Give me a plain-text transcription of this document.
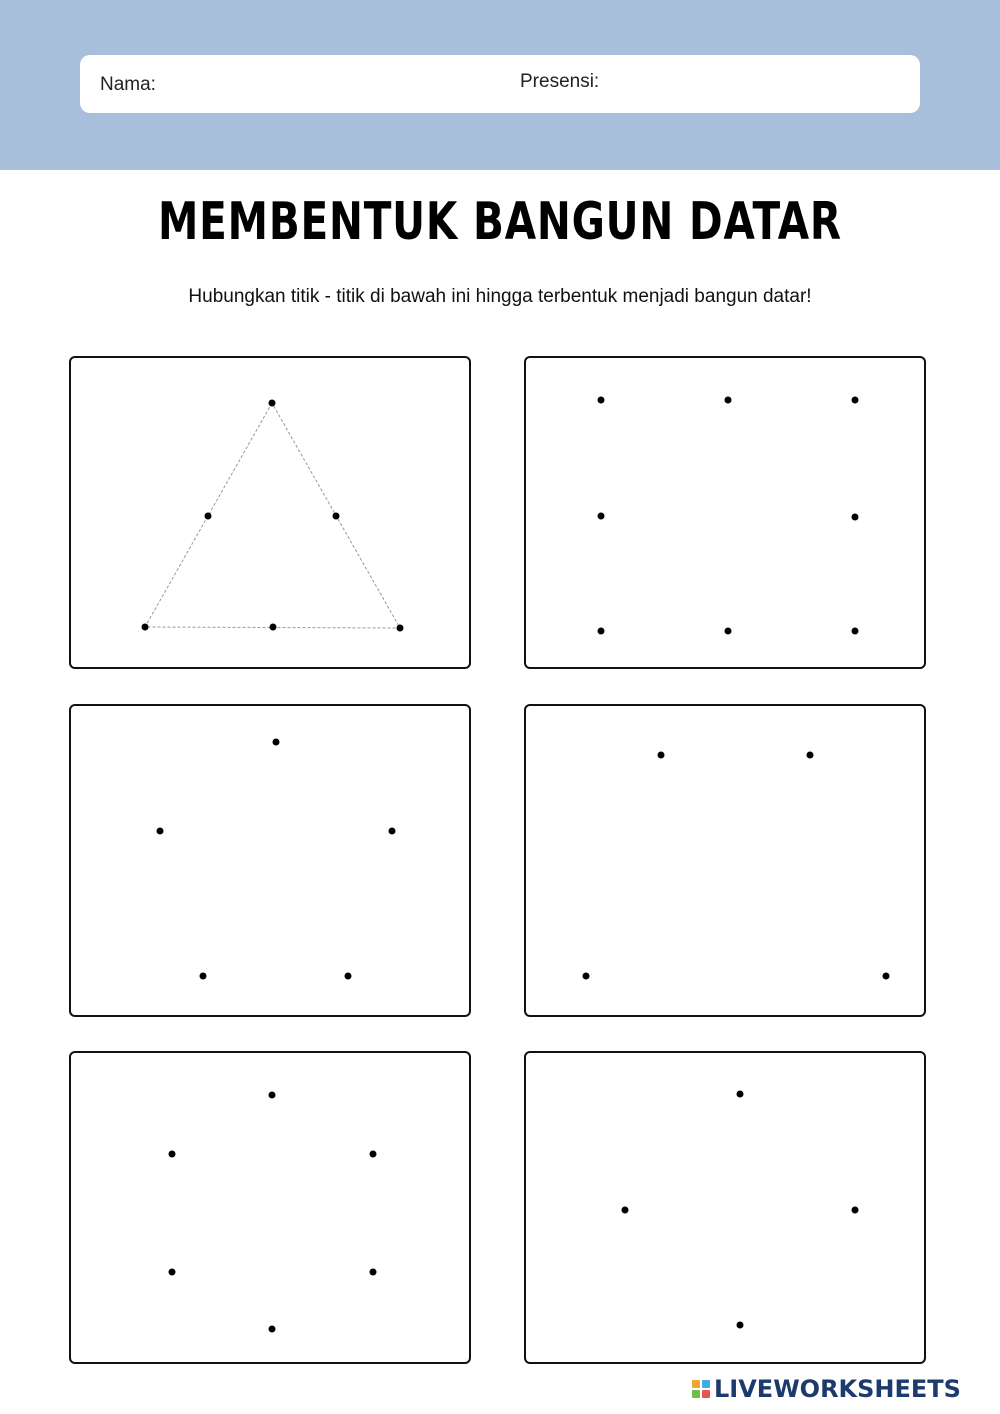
Nama:	Presensi:
MEMBENTUK BANGUN DATAR
Hubungkan titik - titik di bawah ini hingga terbentuk menjadi bangun datar!
LIVEWORKSHEETS
